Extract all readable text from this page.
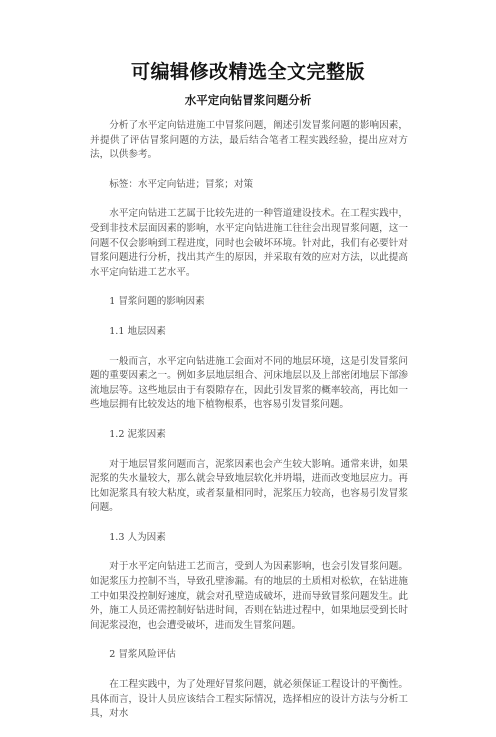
可编辑修改精选全文完整版
水平定向钻冒浆问题分析

分析了水平定向钻进施工中冒浆问题，阐述引发冒浆问题的影响因素，并提供了评估冒浆问题的方法，最后结合笔者工程实践经验，提出应对方法，以供参考。

标签：水平定向钻进；冒浆；对策

水平定向钻进工艺属于比较先进的一种管道建设技术。在工程实践中，受到非技术层面因素的影响，水平定向钻进施工往往会出现冒浆问题，这一问题不仅会影响到工程进度，同时也会破坏环境。针对此，我们有必要针对冒浆问题进行分析，找出其产生的原因，并采取有效的应对方法，以此提高水平定向钻进工艺水平。

1 冒浆问题的影响因素

1.1 地层因素

一般而言，水平定向钻进施工会面对不同的地层环境，这是引发冒浆问题的重要因素之一。例如多层地层组合、河床地层以及上部密闭地层下部渗流地层等。这些地层由于有裂隙存在，因此引发冒浆的概率较高，再比如一些地层拥有比较发达的地下植物根系，也容易引发冒浆问题。

1.2 泥浆因素

对于地层冒浆问题而言，泥浆因素也会产生较大影响。通常来讲，如果泥浆的失水量较大，那么就会导致地层软化并坍塌，进而改变地层应力。再比如泥浆具有较大粘度，或者泵量相同时，泥浆压力较高，也容易引发冒浆问题。

1.3 人为因素

对于水平定向钻进工艺而言，受到人为因素影响，也会引发冒浆问题。如泥浆压力控制不当，导致孔壁渗漏。有的地层的土质相对松软，在钻进施工中如果没控制好速度，就会对孔壁造成破坏，进而导致冒浆问题发生。此外，施工人员还需控制好钻进时间，否则在钻进过程中，如果地层受到长时间泥浆浸泡，也会遭受破坏，进而发生冒浆问题。

2 冒浆风险评估

在工程实践中，为了处理好冒浆问题，就必须保证工程设计的平衡性。具体而言，设计人员应该结合工程实际情况，选择相应的设计方法与分析工具，对水
